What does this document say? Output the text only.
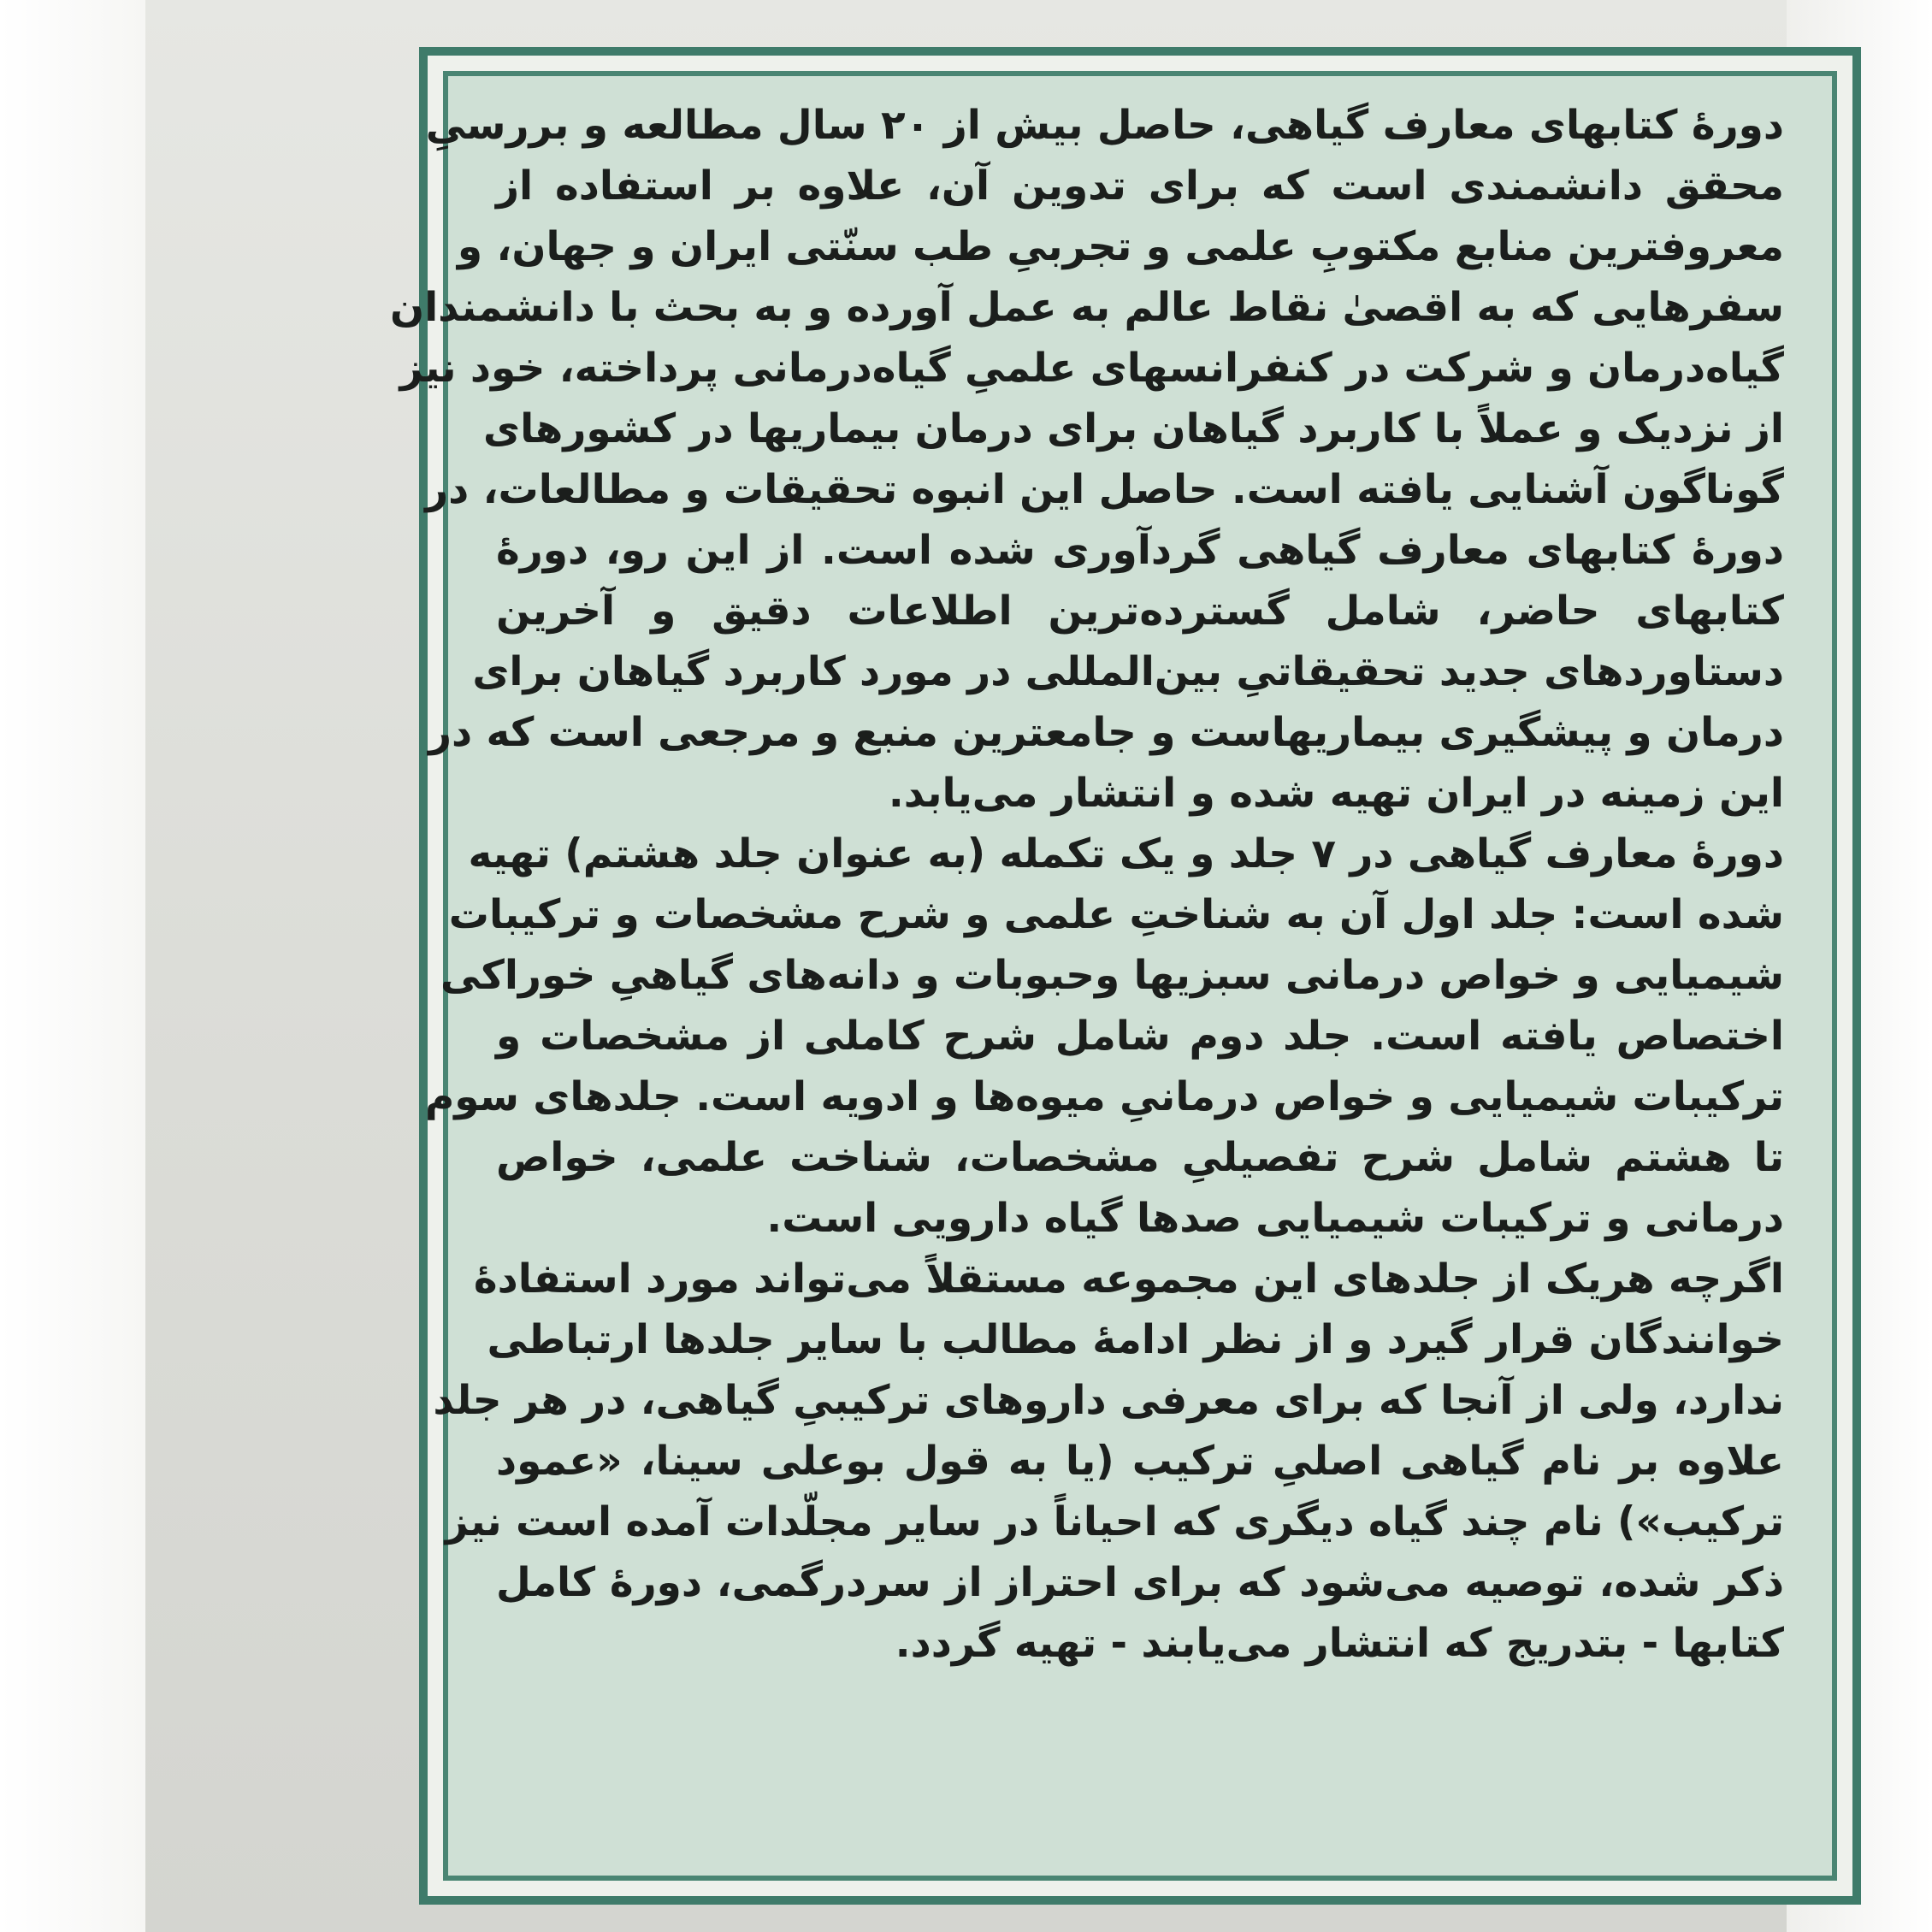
دورهٔ کتابهای معارف گیاهی، حاصل بیش از ۲۰ سال مطالعه و بررسیِ
محقق دانشمندی است که برای تدوین آن، علاوه بر استفاده از
معروفترین منابع مکتوبِ علمی و تجربیِ طب سنّتی ایران و جهان، و
سفرهایی که به اقصیٰ نقاط عالم به عمل آورده و به بحث با دانشمندان
گیاه‌درمان و شرکت در کنفرانسهای علمیِ گیاه‌درمانی پرداخته، خود نیز
از نزدیک و عملاً با کاربرد گیاهان برای درمان بیماریها در کشورهای
گوناگون آشنایی یافته است. حاصل این انبوه تحقیقات و مطالعات، در
دورهٔ کتابهای معارف گیاهی گردآوری شده است. از این رو، دورهٔ
کتابهای حاضر، شامل گسترده‌ترین اطلاعات دقیق و آخرین
دستاوردهای جدید تحقیقاتیِ بین‌المللی در مورد کاربرد گیاهان برای
درمان و پیشگیری بیماریهاست و جامعترین منبع و مرجعی است که در
این زمینه در ایران تهیه شده و انتشار می‌یابد.
دورهٔ معارف گیاهی در ۷ جلد و یک تکمله (به عنوان جلد هشتم) تهیه
شده است: جلد اول آن به شناختِ علمی و شرح مشخصات و ترکیبات
شیمیایی و خواص درمانی سبزیها وحبوبات و دانه‌های گیاهیِ خوراکی
اختصاص یافته است. جلد دوم شامل شرح کاملی از مشخصات و
ترکیبات شیمیایی و خواص درمانیِ میوه‌ها و ادویه است. جلدهای سوم
تا هشتم شامل شرح تفصیلیِ مشخصات، شناخت علمی، خواص
درمانی و ترکیبات شیمیایی صدها گیاه دارویی است.
اگرچه هریک از جلدهای این مجموعه مستقلاً می‌تواند مورد استفادهٔ
خوانندگان قرار گیرد و از نظر ادامهٔ مطالب با سایر جلدها ارتباطی
ندارد، ولی از آنجا که برای معرفی داروهای ترکیبیِ گیاهی، در هر جلد
علاوه بر نام گیاهی اصلیِ ترکیب (یا به قول بوعلی سینا، «عمود
ترکیب») نام چند گیاه دیگری که احیاناً در سایر مجلّدات آمده است نیز
ذکر شده، توصیه می‌شود که برای احتراز از سردرگمی، دورهٔ کامل
کتابها - بتدریج که انتشار می‌یابند - تهیه گردد.
